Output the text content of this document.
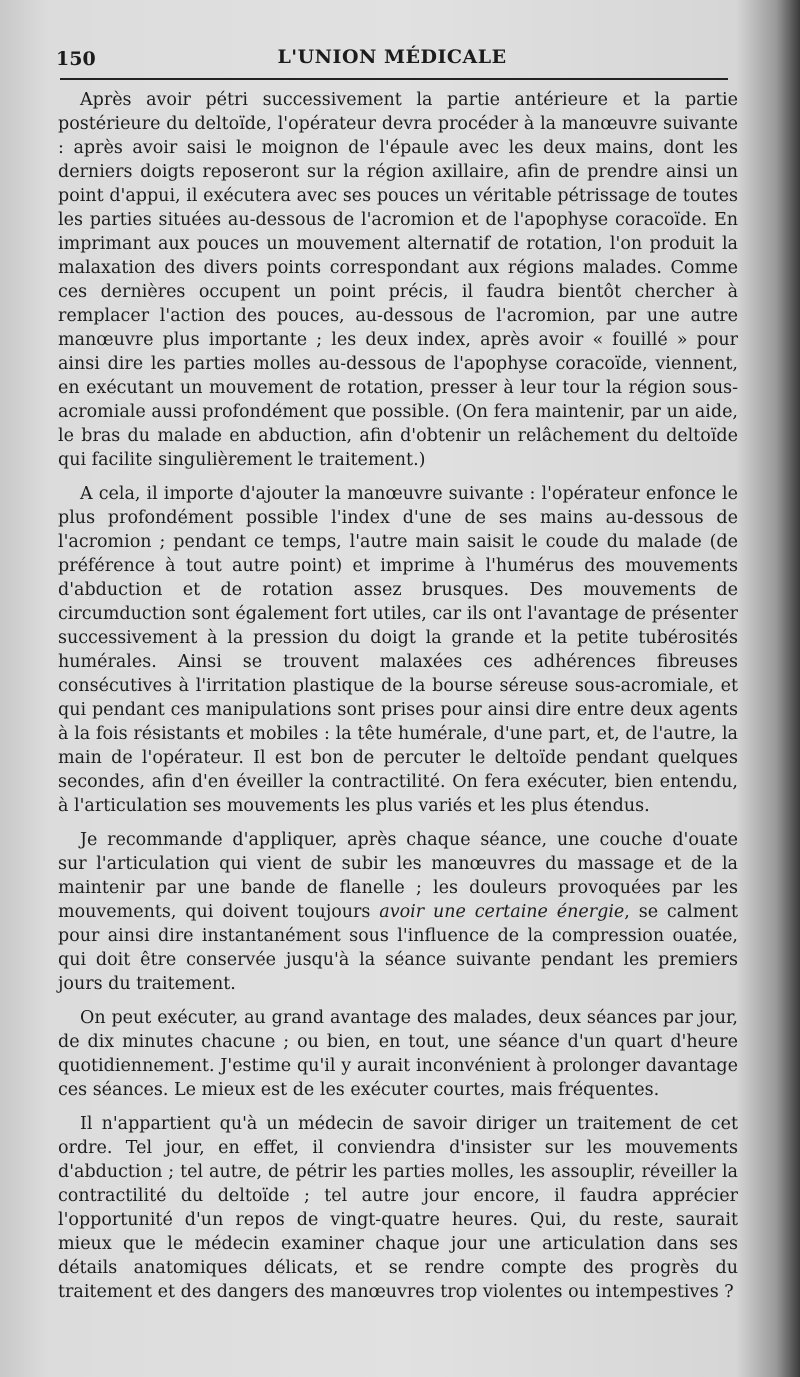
150	L'UNION MÉDICALE

Après avoir pétri successivement la partie antérieure et la partie postérieure du deltoïde, l'opérateur devra procéder à la manœuvre suivante : après avoir saisi le moignon de l'épaule avec les deux mains, dont les derniers doigts reposeront sur la région axillaire, afin de prendre ainsi un point d'appui, il exécutera avec ses pouces un véritable pétrissage de toutes les parties situées au-dessous de l'acromion et de l'apophyse coracoïde. En imprimant aux pouces un mouvement alternatif de rotation, l'on produit la malaxation des divers points correspondant aux régions malades. Comme ces dernières occupent un point précis, il faudra bientôt chercher à remplacer l'action des pouces, au-dessous de l'acromion, par une autre manœuvre plus importante ; les deux index, après avoir « fouillé » pour ainsi dire les parties molles au-dessous de l'apophyse coracoïde, viennent, en exécutant un mouvement de rotation, presser à leur tour la région sous-acromiale aussi profondément que possible. (On fera maintenir, par un aide, le bras du malade en abduction, afin d'obtenir un relâchement du deltoïde qui facilite singulièrement le traitement.)

A cela, il importe d'ajouter la manœuvre suivante : l'opérateur enfonce le plus profondément possible l'index d'une de ses mains au-dessous de l'acromion ; pendant ce temps, l'autre main saisit le coude du malade (de préférence à tout autre point) et imprime à l'humérus des mouvements d'abduction et de rotation assez brusques. Des mouvements de circumduction sont également fort utiles, car ils ont l'avantage de présenter successivement à la pression du doigt la grande et la petite tubérosités humérales. Ainsi se trouvent malaxées ces adhérences fibreuses consécutives à l'irritation plastique de la bourse séreuse sous-acromiale, et qui pendant ces manipulations sont prises pour ainsi dire entre deux agents à la fois résistants et mobiles : la tête humérale, d'une part, et, de l'autre, la main de l'opérateur. Il est bon de percuter le deltoïde pendant quelques secondes, afin d'en éveiller la contractilité. On fera exécuter, bien entendu, à l'articulation ses mouvements les plus variés et les plus étendus.

Je recommande d'appliquer, après chaque séance, une couche d'ouate sur l'articulation qui vient de subir les manœuvres du massage et de la maintenir par une bande de flanelle ; les douleurs provoquées par les mouvements, qui doivent toujours avoir une certaine énergie, se calment pour ainsi dire instantanément sous l'influence de la compression ouatée, qui doit être conservée jusqu'à la séance suivante pendant les premiers jours du traitement.

On peut exécuter, au grand avantage des malades, deux séances par jour, de dix minutes chacune ; ou bien, en tout, une séance d'un quart d'heure quotidiennement. J'estime qu'il y aurait inconvénient à prolonger davantage ces séances. Le mieux est de les exécuter courtes, mais fréquentes.

Il n'appartient qu'à un médecin de savoir diriger un traitement de cet ordre. Tel jour, en effet, il conviendra d'insister sur les mouvements d'abduction ; tel autre, de pétrir les parties molles, les assouplir, réveiller la contractilité du deltoïde ; tel autre jour encore, il faudra apprécier l'opportunité d'un repos de vingt-quatre heures. Qui, du reste, saurait mieux que le médecin examiner chaque jour une articulation dans ses détails anatomiques délicats, et se rendre compte des progrès du traitement et des dangers des manœuvres trop violentes ou intempestives ?
